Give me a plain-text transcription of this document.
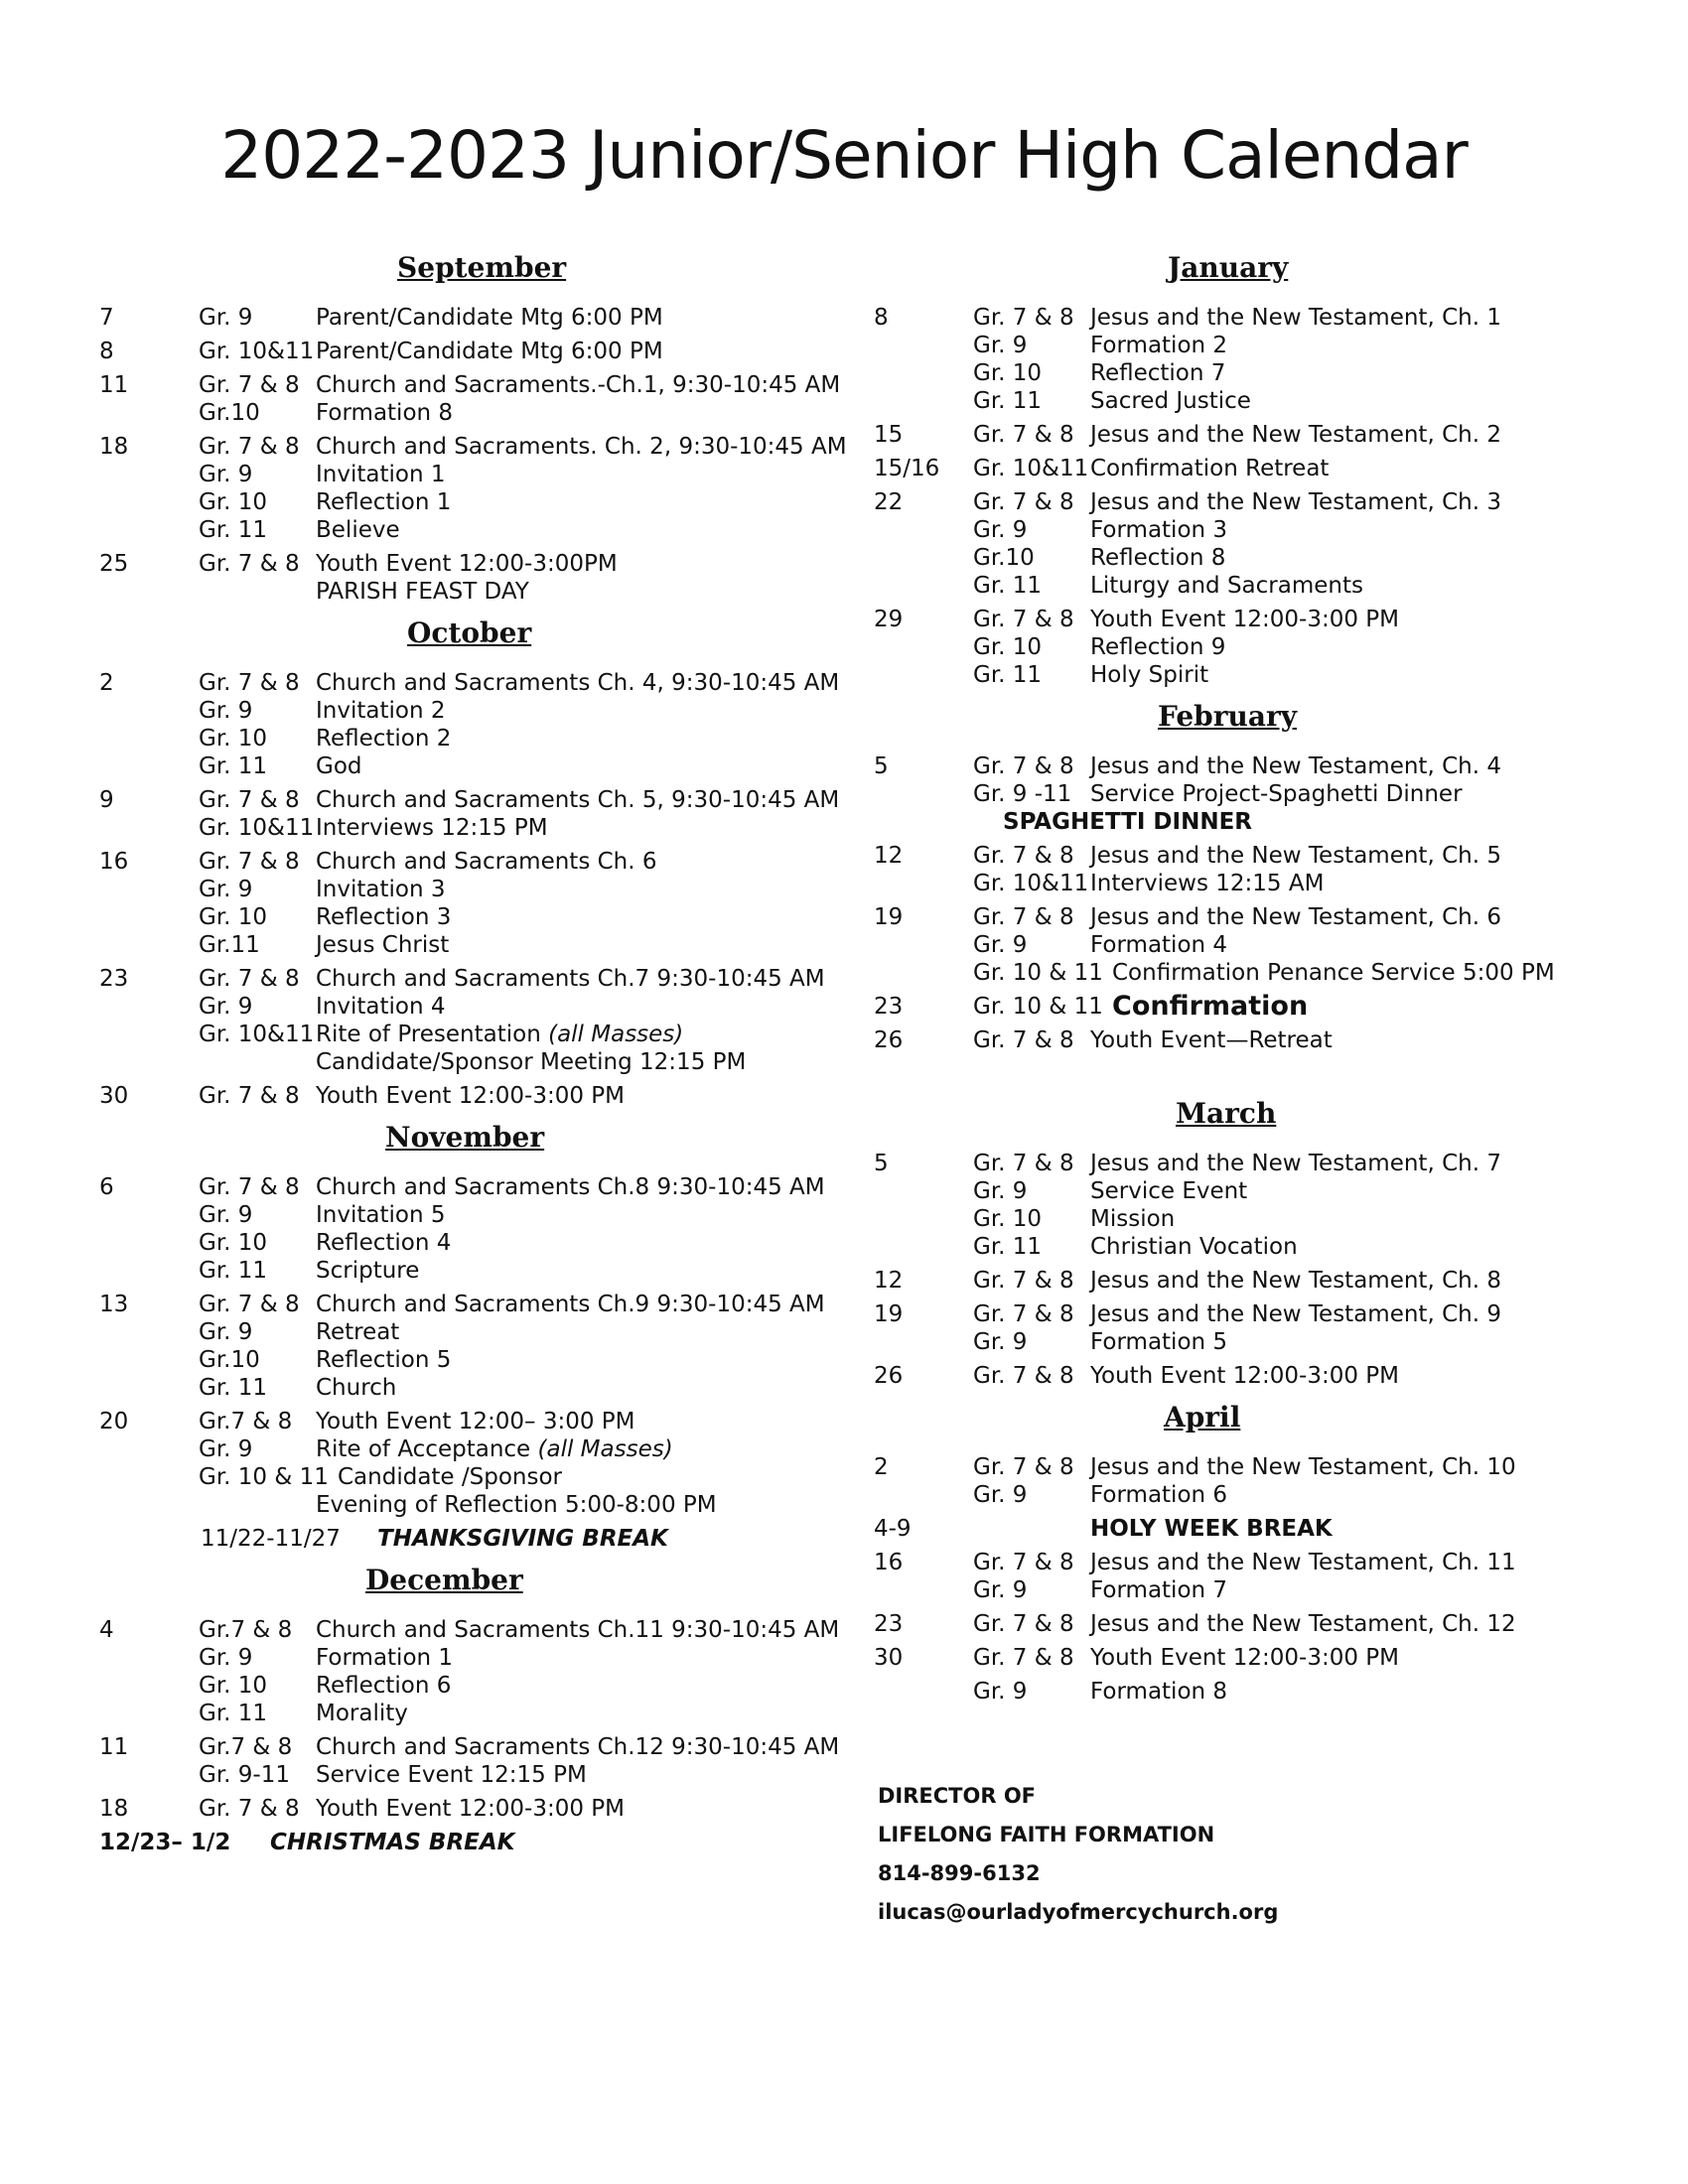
2022-2023 Junior/Senior High Calendar
September
7	Gr. 9	Parent/Candidate Mtg 6:00 PM
8	Gr. 10&11 Parent/Candidate Mtg 6:00 PM
11	Gr. 7 & 8 Church and Sacraments.-Ch.1, 9:30-10:45 AM
Gr.10	Formation 8
18	Gr. 7 & 8 Church and Sacraments. Ch. 2, 9:30-10:45 AM
Gr. 9	Invitation 1
Gr. 10	Reflection 1
Gr. 11	Believe
25	Gr. 7 & 8 Youth Event 12:00-3:00PM
PARISH FEAST DAY
October
2	Gr. 7 & 8 Church and Sacraments Ch. 4, 9:30-10:45 AM
Gr. 9	Invitation 2
Gr. 10	Reflection 2
Gr. 11	God
9	Gr. 7 & 8 Church and Sacraments Ch. 5, 9:30-10:45 AM
Gr. 10&11 Interviews 12:15 PM
16	Gr. 7 & 8 Church and Sacraments Ch. 6
Gr. 9	Invitation 3
Gr. 10	Reflection 3
Gr.11	Jesus Christ
23	Gr. 7 & 8 Church and Sacraments Ch.7 9:30-10:45 AM
Gr. 9	Invitation 4
Gr. 10&11 Rite of Presentation (all Masses)
Candidate/Sponsor Meeting 12:15 PM
30	Gr. 7 & 8 Youth Event 12:00-3:00 PM
November
6	Gr. 7 & 8 Church and Sacraments Ch.8 9:30-10:45 AM
Gr. 9	Invitation 5
Gr. 10	Reflection 4
Gr. 11	Scripture
13	Gr. 7 & 8 Church and Sacraments Ch.9 9:30-10:45 AM
Gr. 9	Retreat
Gr.10	Reflection 5
Gr. 11	Church
20	Gr.7 & 8	Youth Event 12:00– 3:00 PM
Gr. 9	Rite of Acceptance (all Masses)
Gr. 10 & 11 Candidate /Sponsor
Evening of Reflection 5:00-8:00 PM
11/22-11/27	THANKSGIVING BREAK
December
4	Gr.7 & 8	Church and Sacraments Ch.11 9:30-10:45 AM
Gr. 9	Formation 1
Gr. 10	Reflection 6
Gr. 11	Morality
11	Gr.7 & 8	Church and Sacraments Ch.12 9:30-10:45 AM
Gr. 9-11	Service Event 12:15 PM
18	Gr. 7 & 8 Youth Event 12:00-3:00 PM
12/23– 1/2	CHRISTMAS BREAK
January
8	Gr. 7 & 8 Jesus and the New Testament, Ch. 1
Gr. 9	Formation 2
Gr. 10	Reflection 7
Gr. 11	Sacred Justice
15	Gr. 7 & 8 Jesus and the New Testament, Ch. 2
15/16	Gr. 10&11 Confirmation Retreat
22	Gr. 7 & 8 Jesus and the New Testament, Ch. 3
Gr. 9	Formation 3
Gr.10	Reflection 8
Gr. 11	Liturgy and Sacraments
29	Gr. 7 & 8 Youth Event 12:00-3:00 PM
Gr. 10	Reflection 9
Gr. 11	Holy Spirit
February
5	Gr. 7 & 8 Jesus and the New Testament, Ch. 4
Gr. 9 -11 Service Project-Spaghetti Dinner
SPAGHETTI DINNER
12	Gr. 7 & 8 Jesus and the New Testament, Ch. 5
Gr. 10&11 Interviews 12:15 AM
19	Gr. 7 & 8 Jesus and the New Testament, Ch. 6
Gr. 9	Formation 4
Gr. 10 & 11 Confirmation Penance Service 5:00 PM
23	Gr. 10 & 11 Confirmation
26	Gr. 7 & 8 Youth Event—Retreat
March
5	Gr. 7 & 8 Jesus and the New Testament, Ch. 7
Gr. 9	Service Event
Gr. 10	Mission
Gr. 11	Christian Vocation
12	Gr. 7 & 8 Jesus and the New Testament, Ch. 8
19	Gr. 7 & 8 Jesus and the New Testament, Ch. 9
Gr. 9	Formation 5
26	Gr. 7 & 8 Youth Event 12:00-3:00 PM
April
2	Gr. 7 & 8 Jesus and the New Testament, Ch. 10
Gr. 9	Formation 6
4-9	HOLY WEEK BREAK
16	Gr. 7 & 8 Jesus and the New Testament, Ch. 11
Gr. 9	Formation 7
23	Gr. 7 & 8 Jesus and the New Testament, Ch. 12
30	Gr. 7 & 8 Youth Event 12:00-3:00 PM
Gr. 9	Formation 8
DIRECTOR OF
LIFELONG FAITH FORMATION
814-899-6132
ilucas@ourladyofmercychurch.org
